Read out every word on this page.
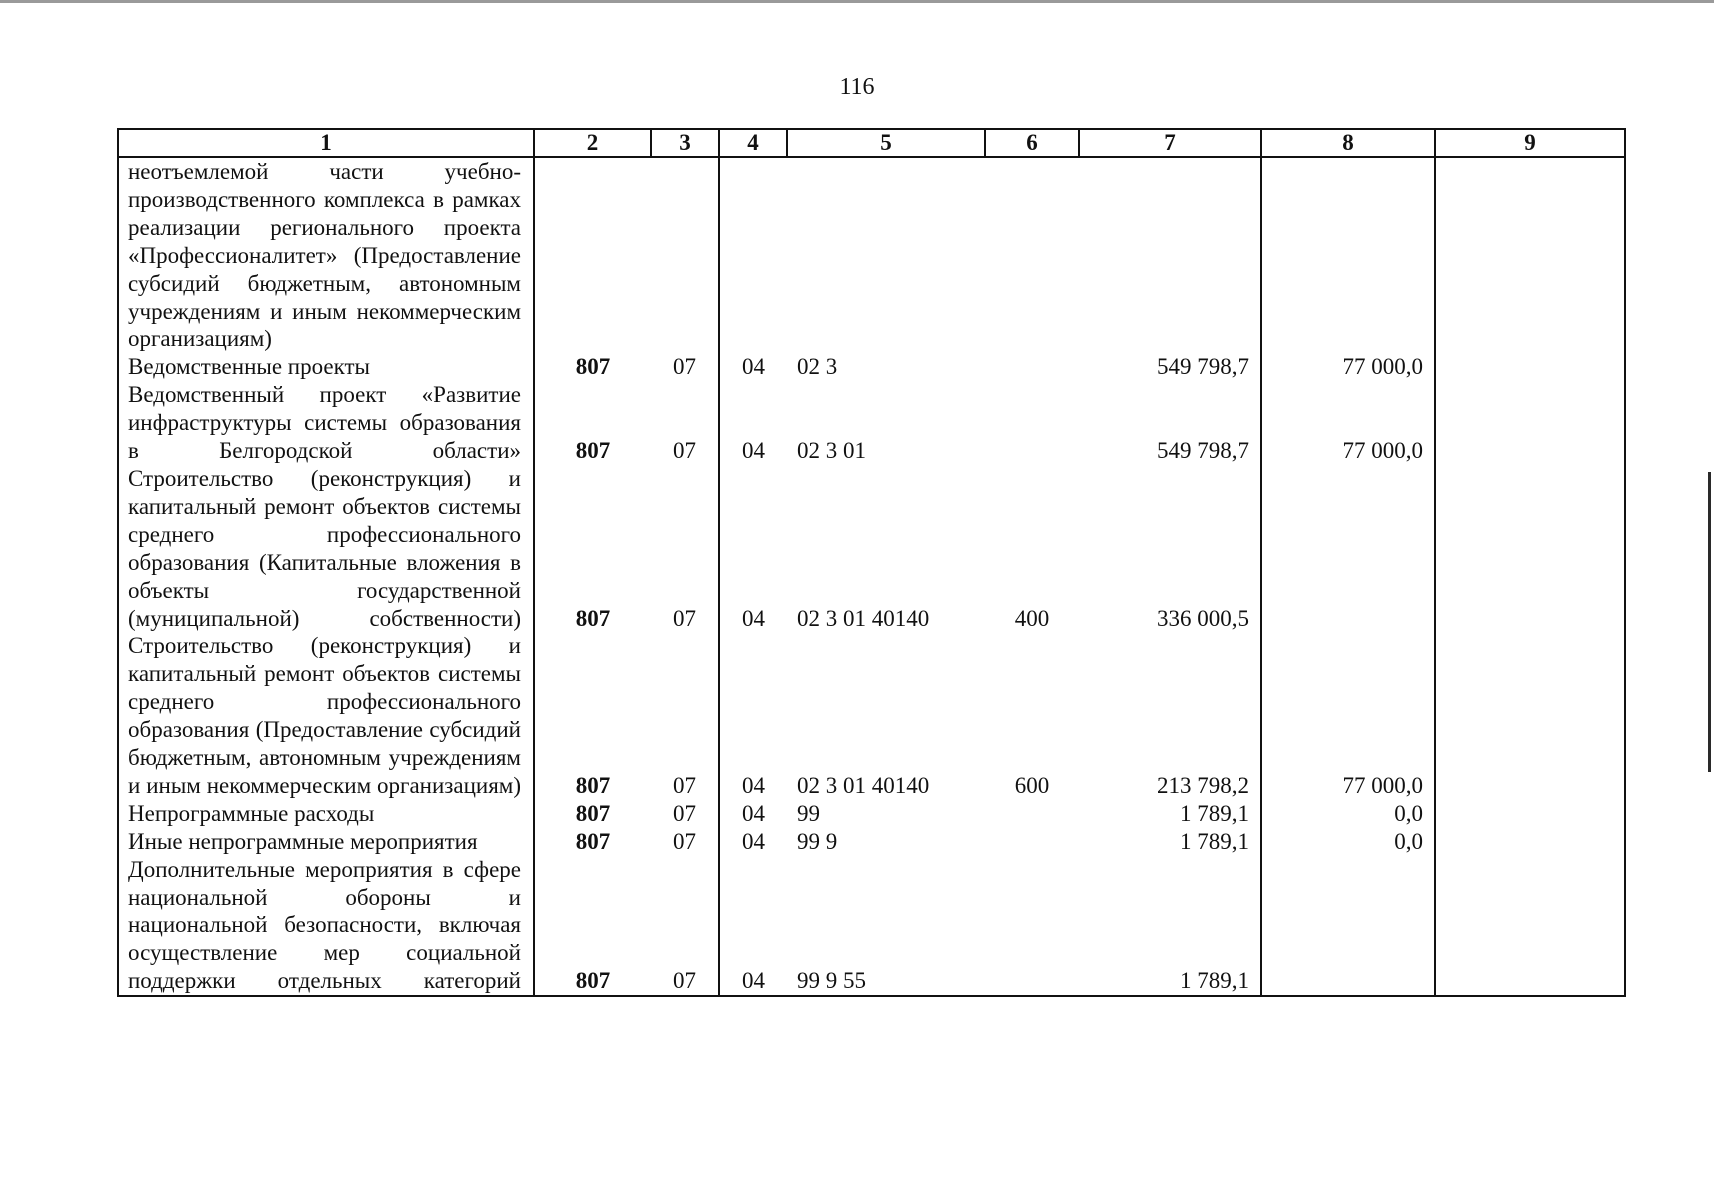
116
1	2	3	4	5	6	7	8	9
неотъемлемой части учебно-производственного комплекса в рамках реализации регионального проекта «Профессионалитет» (Предоставление субсидий бюджетным, автономным учреждениям и иным некоммерческим организациям)								
Ведомственные проекты	807	07	04	02 3		549 798,7	77 000,0	
Ведомственный проект «Развитие инфраструктуры системы образования в Белгородской области»	807	07	04	02 3 01		549 798,7	77 000,0	
Строительство (реконструкция) и капитальный ремонт объектов системы среднего профессионального образования (Капитальные вложения в объекты государственной (муниципальной) собственности)	807	07	04	02 3 01 40140	400	336 000,5		
Строительство (реконструкция) и капитальный ремонт объектов системы среднего профессионального образования (Предоставление субсидий бюджетным, автономным учреждениям и иным некоммерческим организациям)	807	07	04	02 3 01 40140	600	213 798,2	77 000,0	
Непрограммные расходы	807	07	04	99		1 789,1	0,0	
Иные непрограммные мероприятия	807	07	04	99 9		1 789,1	0,0	
Дополнительные мероприятия в сфере национальной обороны и национальной безопасности, включая осуществление мер социальной поддержки отдельных категорий	807	07	04	99 9 55		1 789,1		
